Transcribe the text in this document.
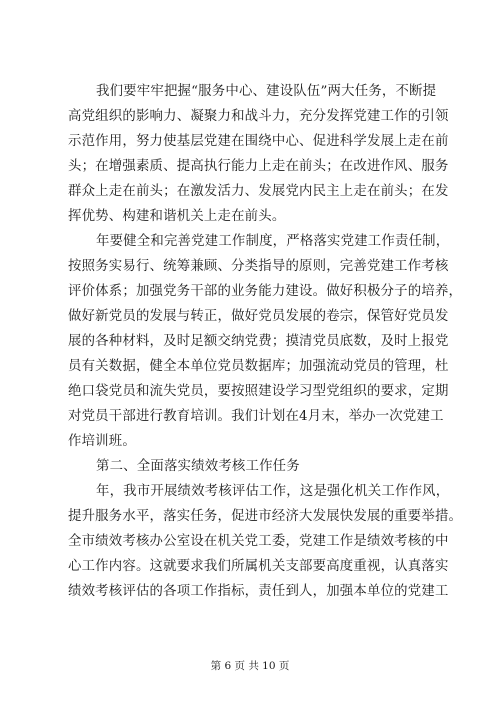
我们要牢牢把握“服务中心、建设队伍”两大任务，不断提
高党组织的影响力、凝聚力和战斗力，充分发挥党建工作的引领
示范作用，努力使基层党建在围绕中心、促进科学发展上走在前
头；在增强素质、提高执行能力上走在前头；在改进作风、服务
群众上走在前头；在激发活力、发展党内民主上走在前头；在发
挥优势、构建和谐机关上走在前头。
年要健全和完善党建工作制度，严格落实党建工作责任制，
按照务实易行、统筹兼顾、分类指导的原则，完善党建工作考核
评价体系；加强党务干部的业务能力建设。做好积极分子的培养，
做好新党员的发展与转正，做好党员发展的卷宗，保管好党员发
展的各种材料，及时足额交纳党费；摸清党员底数，及时上报党
员有关数据，健全本单位党员数据库；加强流动党员的管理，杜
绝口袋党员和流失党员，要按照建设学习型党组织的要求，定期
对党员干部进行教育培训。我们计划在4月末，举办一次党建工
作培训班。
第二、全面落实绩效考核工作任务
年，我市开展绩效考核评估工作，这是强化机关工作作风，
提升服务水平，落实任务，促进市经济大发展快发展的重要举措。
全市绩效考核办公室设在机关党工委，党建工作是绩效考核的中
心工作内容。这就要求我们所属机关支部要高度重视，认真落实
绩效考核评估的各项工作指标，责任到人，加强本单位的党建工
第 6 页 共 10 页
